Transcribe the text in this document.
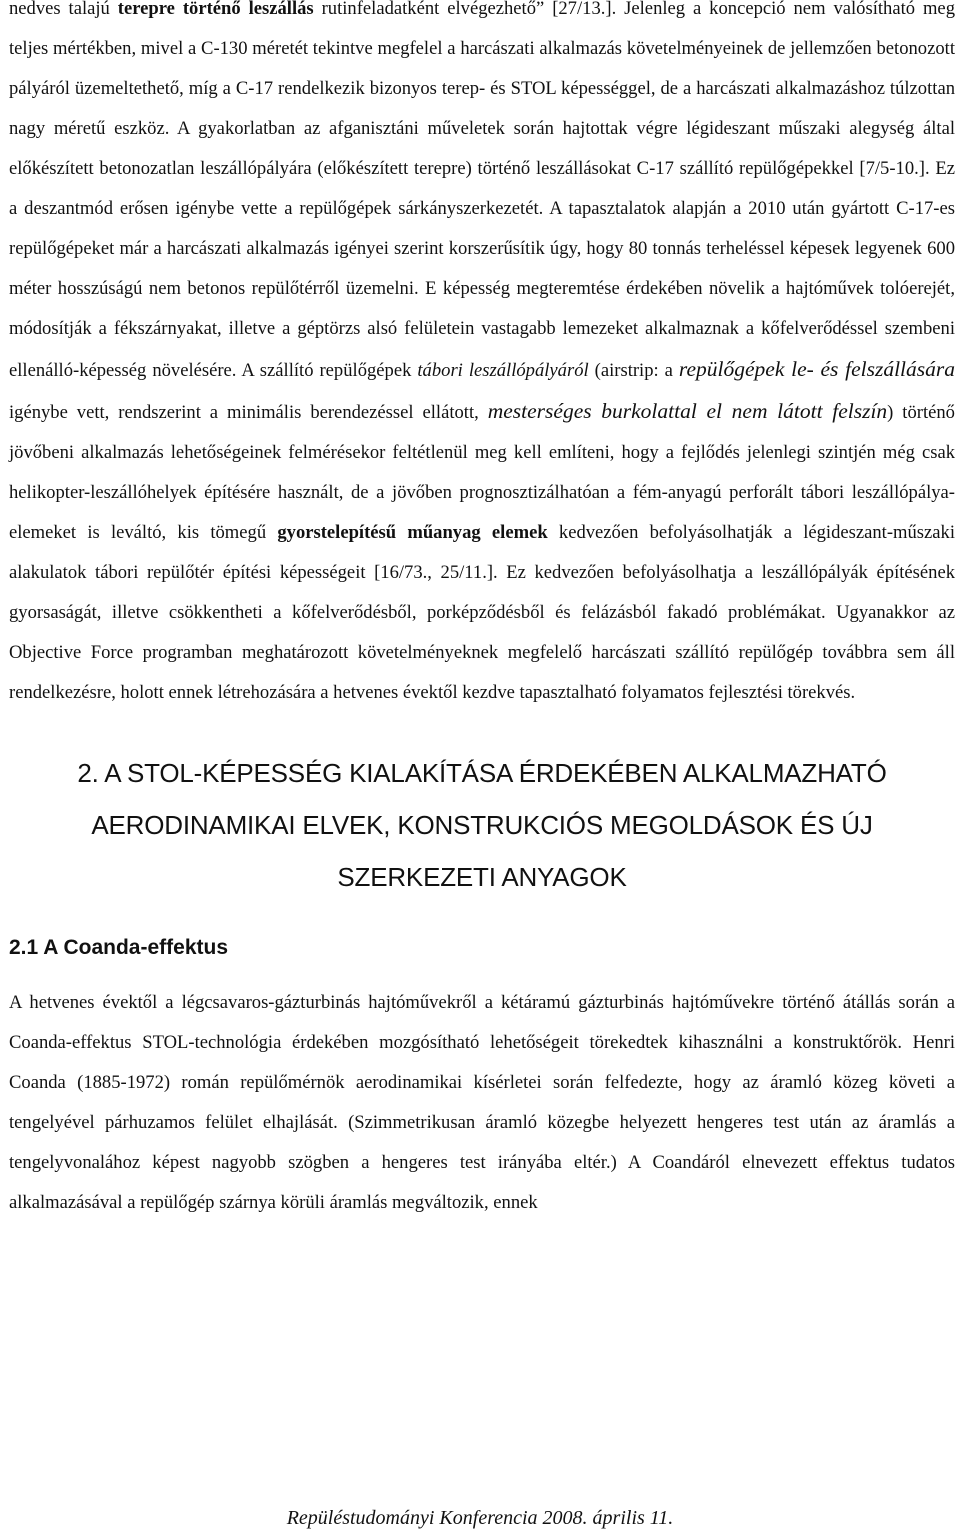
nedves talajú terepre történő leszállás rutinfeladatként elvégezhető” [27/13.]. Jelenleg a koncepció nem valósítható meg teljes mértékben, mivel a C-130 méretét tekintve megfelel a harcászati alkalmazás követelményeinek de jellemzően betonozott pályáról üzemeltethető, míg a C-17 rendelkezik bizonyos terep- és STOL képességgel, de a harcászati alkalmazáshoz túlzottan nagy méretű eszköz. A gyakorlatban az afganisztáni műveletek során hajtottak végre légideszant műszaki alegység által előkészített betonozatlan leszállópályára (előkészített terepre) történő leszállásokat C-17 szállító repülőgépekkel [7/5-10.]. Ez a deszantmód erősen igénybe vette a repülőgépek sárkányszerkezetét. A tapasztalatok alapján a 2010 után gyártott C-17-es repülőgépeket már a harcászati alkalmazás igényei szerint korszerűsítik úgy, hogy 80 tonnás terheléssel képesek legyenek 600 méter hosszúságú nem betonos repülőtérről üzemelni. E képesség megteremtése érdekében növelik a hajtóművek tolóerejét, módosítják a fékszárnyakat, illetve a géptörzs alsó felületein vastagabb lemezeket alkalmaznak a kőfelverődéssel szembeni ellenálló-képesség növelésére. A szállító repülőgépek tábori leszállópályáról (airstrip: a repülőgépek le- és felszállására igénybe vett, rendszerint a minimális berendezéssel ellátott, mesterséges burkolattal el nem látott felszín) történő jövőbeni alkalmazás lehetőségeinek felmérésekor feltétlenül meg kell említeni, hogy a fejlődés jelenlegi szintjén még csak helikopter-leszállóhelyek építésére használt, de a jövőben prognosztizálhatóan a fém-anyagú perforált tábori leszállópálya-elemeket is leváltó, kis tömegű gyorstelepítésű műanyag elemek kedvezően befolyásolhatják a légideszant-műszaki alakulatok tábori repülőtér építési képességeit [16/73., 25/11.]. Ez kedvezően befolyásolhatja a leszállópályák építésének gyorsaságát, illetve csökkentheti a kőfelverődésből, porképződésből és felázásból fakadó problémákat. Ugyanakkor az Objective Force programban meghatározott követelményeknek megfelelő harcászati szállító repülőgép továbbra sem áll rendelkezésre, holott ennek létrehozására a hetvenes évektől kezdve tapasztalható folyamatos fejlesztési törekvés.

2. A STOL-KÉPESSÉG KIALAKÍTÁSA ÉRDEKÉBEN ALKALMAZHATÓ
AERODINAMIKAI ELVEK, KONSTRUKCIÓS MEGOLDÁSOK ÉS ÚJ
SZERKEZETI ANYAGOK
2.1 A Coanda-effektus

A hetvenes évektől a légcsavaros-gázturbinás hajtóművekről a kétáramú gázturbinás hajtóművekre történő átállás során a Coanda-effektus STOL-technológia érdekében mozgósítható lehetőségeit törekedtek kihasználni a konstruktőrök. Henri Coanda (1885-1972) román repülőmérnök aerodinamikai kísérletei során felfedezte, hogy az áramló közeg követi a tengelyével párhuzamos felület elhajlását. (Szimmetrikusan áramló közegbe helyezett hengeres test után az áramlás a tengelyvonalához képest nagyobb szögben a hengeres test irányába eltér.) A Coandáról elnevezett effektus tudatos alkalmazásával a repülőgép szárnya körüli áramlás megváltozik, ennek

Repüléstudományi Konferencia 2008. április 11.
